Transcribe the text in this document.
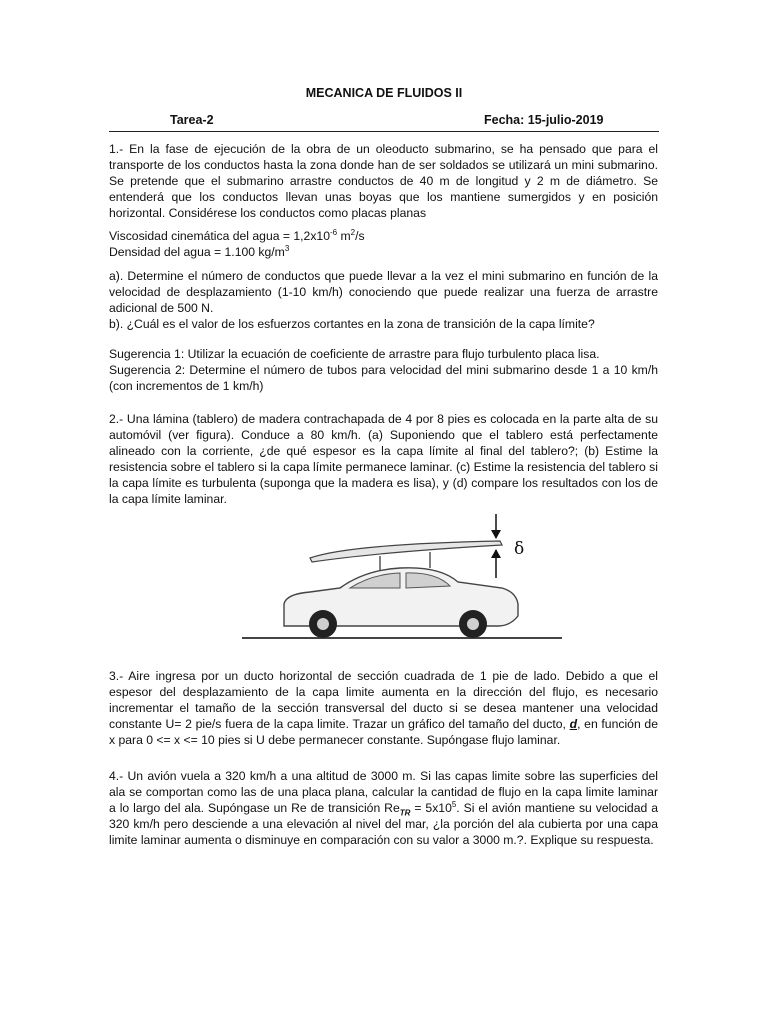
MECANICA DE FLUIDOS II
Tarea-2	Fecha: 15-julio-2019

1.- En la fase de ejecución de la obra de un oleoducto submarino, se ha pensado que para el transporte de los conductos hasta la zona donde han de ser soldados se utilizará un mini submarino. Se pretende que el submarino arrastre conductos de 40 m de longitud y 2 m de diámetro. Se entenderá que los conductos llevan unas boyas que los mantiene sumergidos y en posición horizontal. Considérese los conductos como placas planas

Viscosidad cinemática del agua = $1,2x10^{-6}$ $m^2/s$
Densidad del agua = 1.100 $kg/m^3$

a). Determine el número de conductos que puede llevar a la vez el mini submarino en función de la velocidad de desplazamiento (1-10 km/h) conociendo que puede realizar una fuerza de arrastre adicional de 500 N.

b). ¿Cuál es el valor de los esfuerzos cortantes en la zona de transición de la capa límite?

Sugerencia 1: Utilizar la ecuación de coeficiente de arrastre para flujo turbulento placa lisa.

Sugerencia 2: Determine el número de tubos para velocidad del mini submarino desde 1 a 10 km/h (con incrementos de 1 km/h)

2.- Una lámina (tablero) de madera contrachapada de 4 por 8 pies es colocada en la parte alta de su automóvil (ver figura). Conduce a 80 km/h. (a) Suponiendo que el tablero está perfectamente alineado con la corriente, ¿de qué espesor es la capa límite al final del tablero?; (b) Estime la resistencia sobre el tablero si la capa límite permanece laminar. (c) Estime la resistencia del tablero si la capa límite es turbulenta (suponga que la madera es lisa), y (d) compare los resultados con los de la capa límite laminar.

δ

3.- Aire ingresa por un ducto horizontal de sección cuadrada de 1 pie de lado. Debido a que el espesor del desplazamiento de la capa limite aumenta en la dirección del flujo, es necesario incrementar el tamaño de la sección transversal del ducto si se desea mantener una velocidad constante U= 2 pie/s fuera de la capa limite. Trazar un gráfico del tamaño del ducto, d, en función de x para 0 <= x <= 10 pies si U debe permanecer constante. Supóngase flujo laminar.

4.- Un avión vuela a 320 km/h a una altitud de 3000 m. Si las capas limite sobre las superficies del ala se comportan como las de una placa plana, calcular la cantidad de flujo en la capa limite laminar a lo largo del ala. Supóngase un Re de transición $Re_{TR} = 5x10^5$. Si el avión mantiene su velocidad a 320 km/h pero desciende a una elevación al nivel del mar, ¿la porción del ala cubierta por una capa limite laminar aumenta o disminuye en comparación con su valor a 3000 m.?. Explique su respuesta.
